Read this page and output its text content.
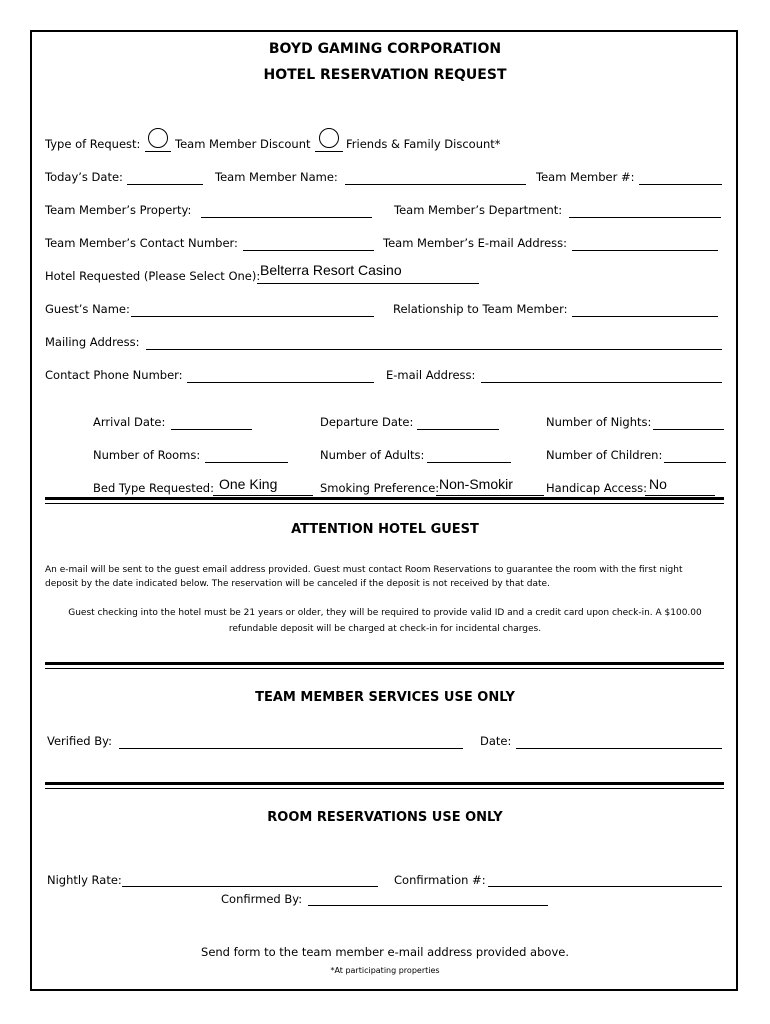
BOYD GAMING CORPORATION
HOTEL RESERVATION REQUEST
Type of Request:	Team Member Discount	Friends & Family Discount*
Today’s Date:	Team Member Name:	Team Member #:
Team Member’s Property:	Team Member’s Department:
Team Member’s Contact Number:	Team Member’s E-mail Address:
Hotel Requested (Please Select One): Belterra Resort Casino
Guest’s Name:	Relationship to Team Member:
Mailing Address:
Contact Phone Number:	E-mail Address:
Arrival Date:	Departure Date:	Number of Nights:
Number of Rooms:	Number of Adults:	Number of Children:
Bed Type Requested: One King	Smoking Preference: Non-Smokir	Handicap Access: No
ATTENTION HOTEL GUEST
An e-mail will be sent to the guest email address provided. Guest must contact Room Reservations to guarantee the room with the first night
deposit by the date indicated below. The reservation will be canceled if the deposit is not received by that date.
Guest checking into the hotel must be 21 years or older, they will be required to provide valid ID and a credit card upon check-in. A $100.00
refundable deposit will be charged at check-in for incidental charges.
TEAM MEMBER SERVICES USE ONLY
Verified By:	Date:
ROOM RESERVATIONS USE ONLY
Nightly Rate:	Confirmation #:
Confirmed By:
Send form to the team member e-mail address provided above.
*At participating properties
